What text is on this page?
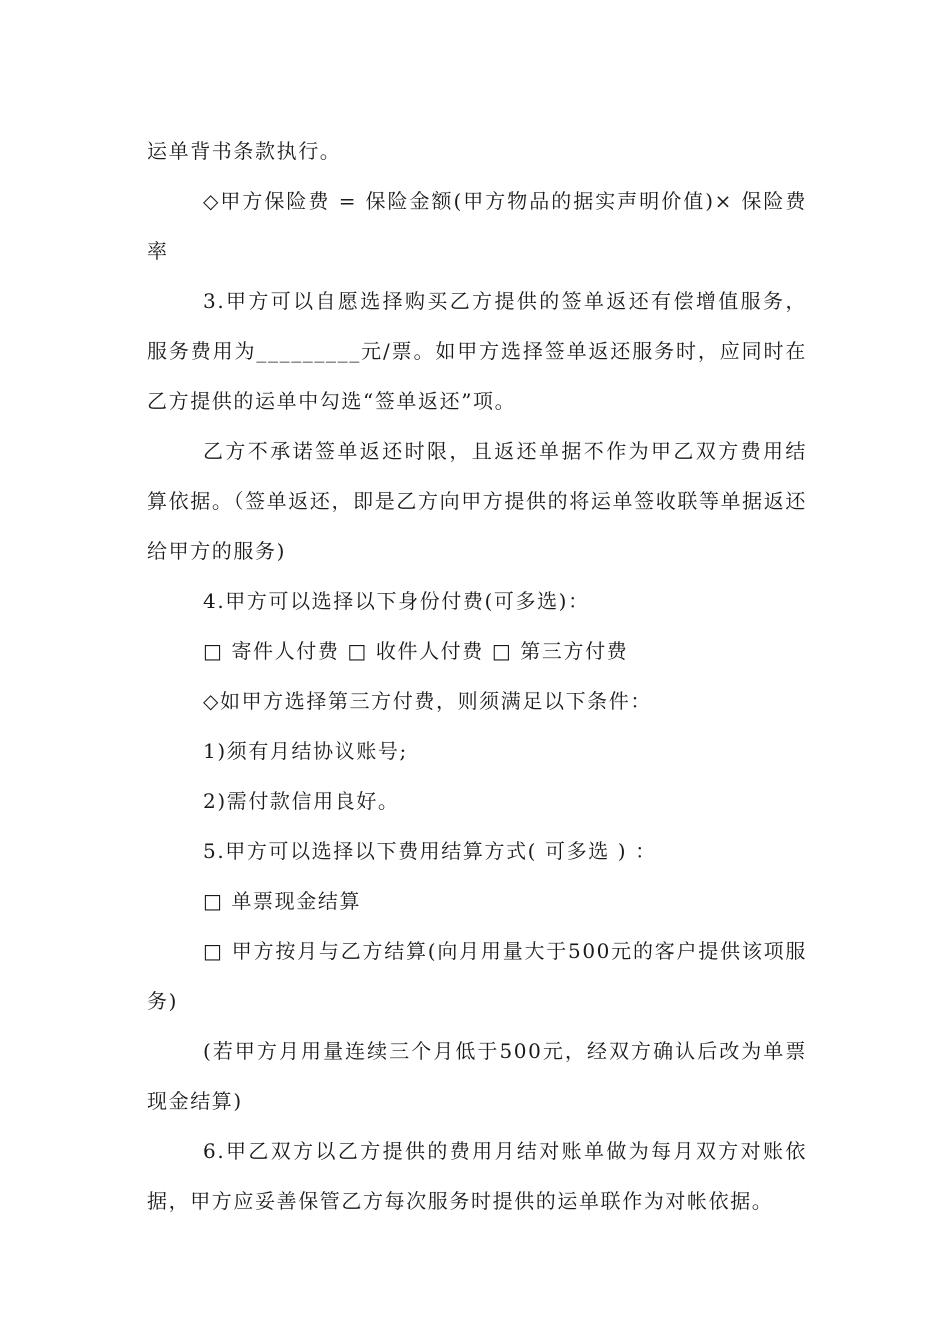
运单背书条款执行。

◇甲方保险费 = 保险金额(甲方物品的据实声明价值)× 保险费率

3.甲方可以自愿选择购买乙方提供的签单返还有偿增值服务，服务费用为_________元/票。如甲方选择签单返还服务时，应同时在乙方提供的运单中勾选“签单返还”项。

乙方不承诺签单返还时限，且返还单据不作为甲乙双方费用结算依据。（签单返还，即是乙方向甲方提供的将运单签收联等单据返还给甲方的服务)

4.甲方可以选择以下身份付费(可多选)：

□ 寄件人付费 □ 收件人付费 □ 第三方付费

◇如甲方选择第三方付费，则须满足以下条件：

1)须有月结协议账号;

2)需付款信用良好。

5.甲方可以选择以下费用结算方式( 可多选 ) ：

□ 单票现金结算

□ 甲方按月与乙方结算(向月用量大于500元的客户提供该项服务)

(若甲方月用量连续三个月低于500元，经双方确认后改为单票现金结算)

6.甲乙双方以乙方提供的费用月结对账单做为每月双方对账依据，甲方应妥善保管乙方每次服务时提供的运单联作为对帐依据。
